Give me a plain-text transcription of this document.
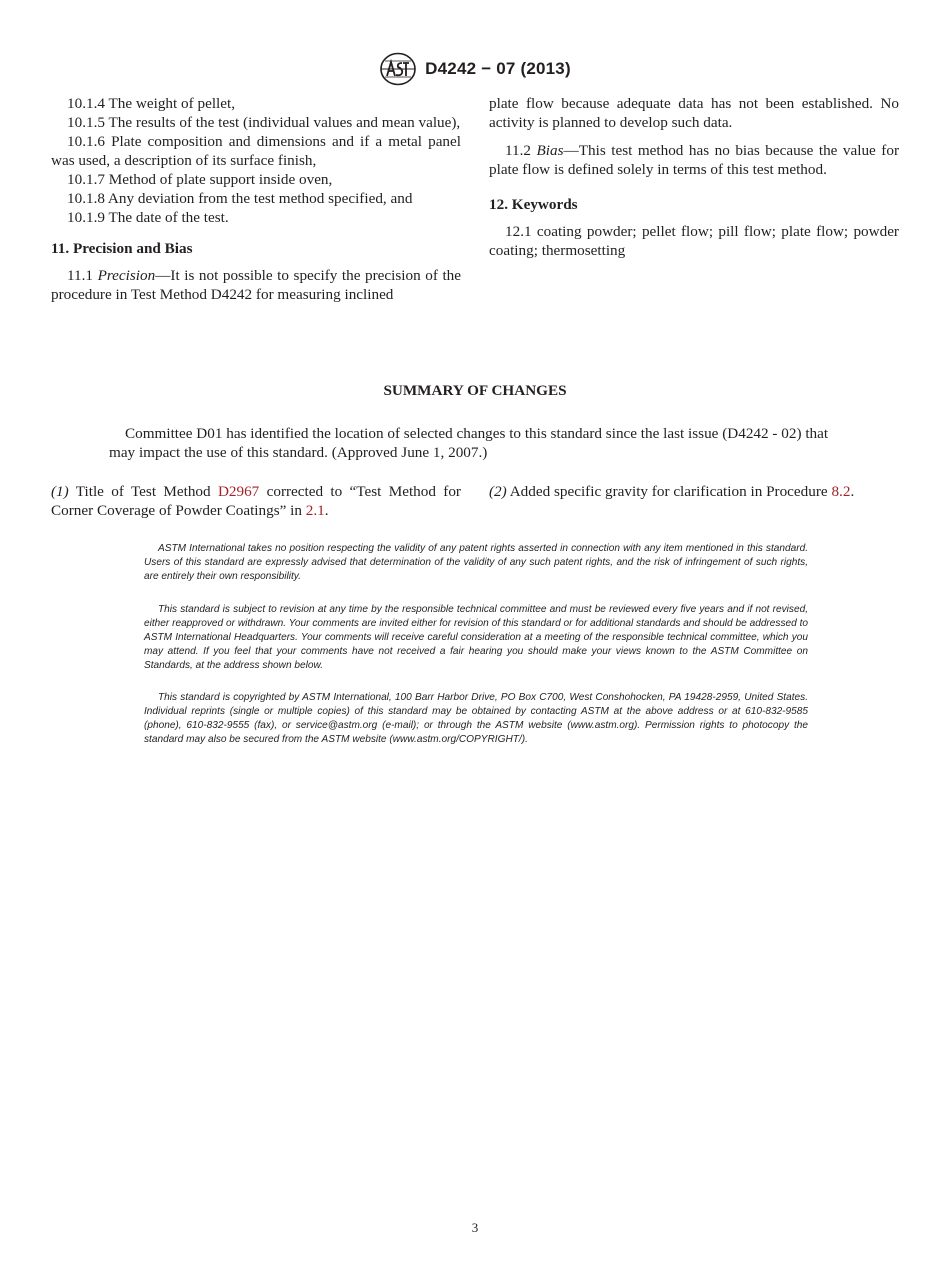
D4242 − 07 (2013)

10.1.4 The weight of pellet,

10.1.5 The results of the test (individual values and mean value),

10.1.6 Plate composition and dimensions and if a metal panel was used, a description of its surface finish,

10.1.7 Method of plate support inside oven,

10.1.8 Any deviation from the test method specified, and

10.1.9 The date of the test.

11. Precision and Bias

11.1 Precision—It is not possible to specify the precision of the procedure in Test Method D4242 for measuring inclined

plate flow because adequate data has not been established. No activity is planned to develop such data.

11.2 Bias—This test method has no bias because the value for plate flow is defined solely in terms of this test method.

12. Keywords

12.1 coating powder; pellet flow; pill flow; plate flow; powder coating; thermosetting

SUMMARY OF CHANGES

Committee D01 has identified the location of selected changes to this standard since the last issue (D4242 - 02) that may impact the use of this standard. (Approved June 1, 2007.)

(1) Title of Test Method D2967 corrected to “Test Method for Corner Coverage of Powder Coatings” in 2.1.

(2) Added specific gravity for clarification in Procedure 8.2.

ASTM International takes no position respecting the validity of any patent rights asserted in connection with any item mentioned in this standard. Users of this standard are expressly advised that determination of the validity of any such patent rights, and the risk of infringement of such rights, are entirely their own responsibility.

This standard is subject to revision at any time by the responsible technical committee and must be reviewed every five years and if not revised, either reapproved or withdrawn. Your comments are invited either for revision of this standard or for additional standards and should be addressed to ASTM International Headquarters. Your comments will receive careful consideration at a meeting of the responsible technical committee, which you may attend. If you feel that your comments have not received a fair hearing you should make your views known to the ASTM Committee on Standards, at the address shown below.

This standard is copyrighted by ASTM International, 100 Barr Harbor Drive, PO Box C700, West Conshohocken, PA 19428-2959, United States. Individual reprints (single or multiple copies) of this standard may be obtained by contacting ASTM at the above address or at 610-832-9585 (phone), 610-832-9555 (fax), or service@astm.org (e-mail); or through the ASTM website (www.astm.org). Permission rights to photocopy the standard may also be secured from the ASTM website (www.astm.org/COPYRIGHT/).

3
